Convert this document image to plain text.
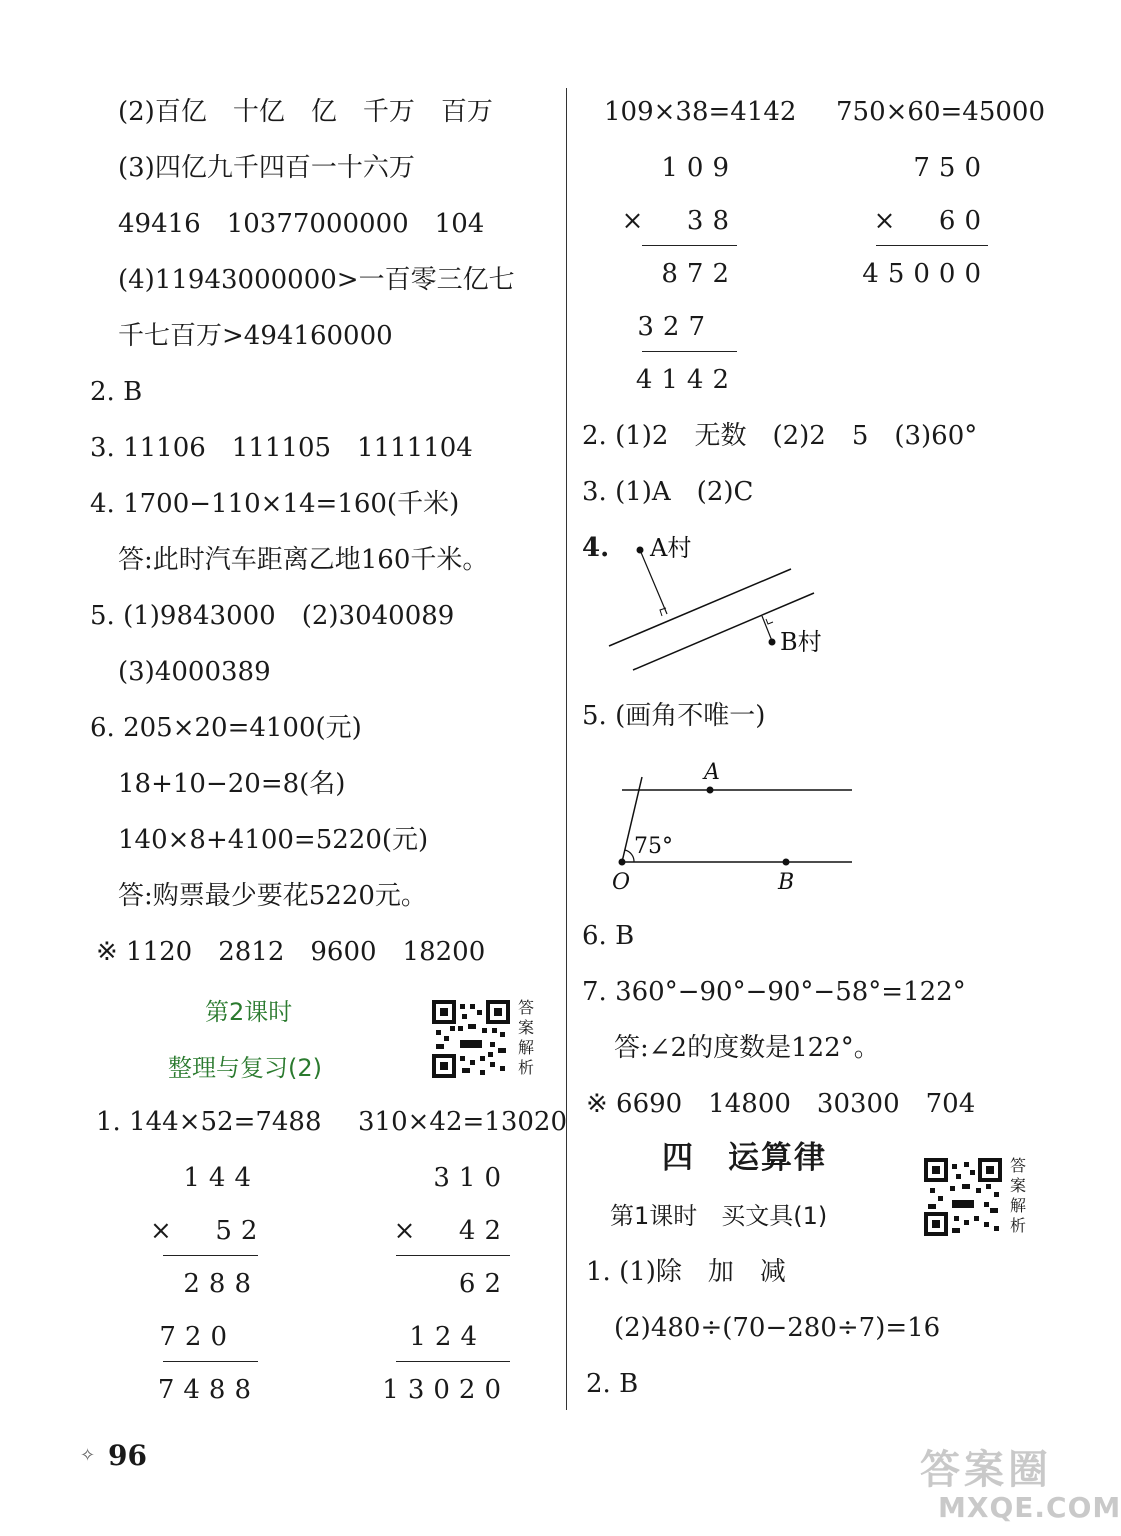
(2)百亿　十亿　亿　千万　百万
(3)四亿九千四百一十六万
49416　10377000000　104
(4)11943000000>一百零三亿七
千七百万>494160000
2. B
3. 11106　111105　1111104
4. 1700−110×14=160(千米)
答:此时汽车距离乙地160千米。
5. (1)9843000　(2)3040089
(3)4000389
6. 205×20=4100(元)
18+10−20=8(名)
140×8+4100=5220(元)
答:购票最少要花5220元。
※ 1120　2812　9600　18200
第2课时
整理与复习(2)
答
案
解
析
1. 144×52=7488 310×42=13020
144
×  52
288
720
7488
310
×  42
62
124
13020
109×38=4142 750×60=45000
109
×  38
872
327
4142
750
×  60
45000
2. (1)2　无数　(2)2　5　(3)60°
3. (1)A　(2)C
4. A村
B村
5. (画角不唯一)
A
O	B
75°
6. B
7. 360°−90°−90°−58°=122°
答:∠2的度数是122°。
※ 6690　14800　30300　704
四　运算律
第1课时　买文具(1)
答
案
解
析
1. (1)除　加　减
(2)480÷(70−280÷7)=16
2. B
✧ 96	答案圈
MXQE.COM
